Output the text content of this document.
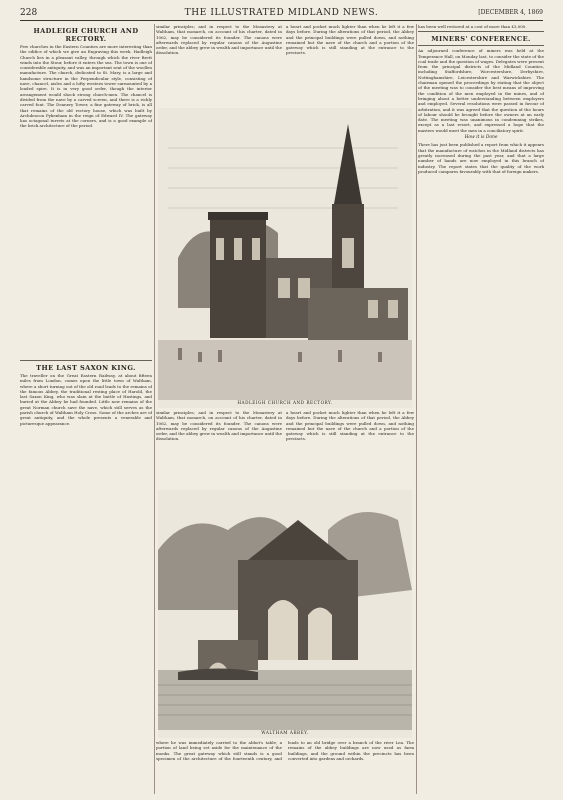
228	THE ILLUSTRATED MIDLAND NEWS.	[DECEMBER 4, 1869
HADLEIGH CHURCH AND RECTORY.
Few churches in the Eastern Counties are more interesting than the edifice of which we give an Engraving this week. Hadleigh Church lies in a pleasant valley, through which the river Brett winds into the Stour, before it enters the sea. The town is one of considerable antiquity, and was an important seat of the woollen manufacture. The church, dedicated to St. Mary, is a large and handsome structure in the Perpendicular style, consisting of nave, chancel, aisles and a lofty western tower surmounted by a leaded spire. It is in very good order, though the interior arrangement would shock strong church-men. The chancel is divided from the nave by a carved screen, and there is a richly carved font. The Deanery Tower, a fine gateway of brick, is all that remains of the old rectory house, which was built by Archdeacon Pykenham in the reign of Edward IV. The gateway has octagonal turrets at the corners, and is a good example of the brick architecture of the period.
THE LAST SAXON KING.
The traveller on the Great Eastern Railway, at about fifteen miles from London, comes upon the little town of Waltham, where a short turning out of the old road leads to the remains of the famous Abbey, the traditional resting place of Harold, the last Saxon King, who was slain at the battle of Hastings, and buried at the Abbey he had founded. Little now remains of the great Norman church save the nave, which still serves as the parish church of Waltham Holy Cross. Some of the arches are of great antiquity, and the whole presents a venerable and picturesque appearance.
similar principles; and in respect to the Monastery at Waltham, that monarch, on account of his charter, dated in 1062, may be considered its founder. The canons were afterwards replaced by regular canons of the Augustine order, and the abbey grew in wealth and importance until the dissolution.
a heart and pocket much lighter than when he left it a few days before. During the alterations of that period, the Abbey and the principal buildings were pulled down, and nothing remained but the nave of the church and a portion of the gateway which is still standing at the entrance to the precincts.
HADLEIGH CHURCH AND RECTORY.
similar principles; and in respect to the Monastery at Waltham, that monarch, on account of his charter, dated in 1062, may be considered its founder. The canons were afterwards replaced by regular canons of the Augustine order, and the abbey grew in wealth and importance until the dissolution.
a heart and pocket much lighter than when he left it a few days before. During the alterations of that period, the Abbey and the principal buildings were pulled down, and nothing remained but the nave of the church and a portion of the gateway which is still standing at the entrance to the precincts.
WALTHAM ABBEY.
where he was immediately carried to the abbot's table; a portion of land being set aside for the maintenance of the monks. The great gateway which still stands is a good specimen of the architecture of the fourteenth century, and leads to an old bridge over a branch of the river Lea. The remains of the abbey buildings are now used as farm buildings, and the ground within the precincts has been converted into gardens and orchards.
has been well restored at a cost of more than £3,000.
MINERS' CONFERENCE.
An adjourned conference of miners was held at the Temperance Hall, on Monday last, to consider the state of the coal trade and the question of wages. Delegates were present from the principal districts of the Midland Counties, including Staffordshire, Worcestershire, Derbyshire, Nottinghamshire, Leicestershire and Warwickshire. The chairman opened the proceedings by stating that the object of the meeting was to consider the best means of improving the condition of the men employed in the mines, and of bringing about a better understanding between employers and employed. Several resolutions were passed in favour of arbitration, and it was agreed that the question of the hours of labour should be brought before the owners at an early date. The meeting was unanimous in condemning strikes, except as a last resort, and expressed a hope that the masters would meet the men in a conciliatory spirit.
How it is Done
There has just been published a report from which it appears that the manufacture of watches in the Midland districts has greatly increased during the past year, and that a large number of hands are now employed in this branch of industry. The report states that the quality of the work produced compares favourably with that of foreign makers.
